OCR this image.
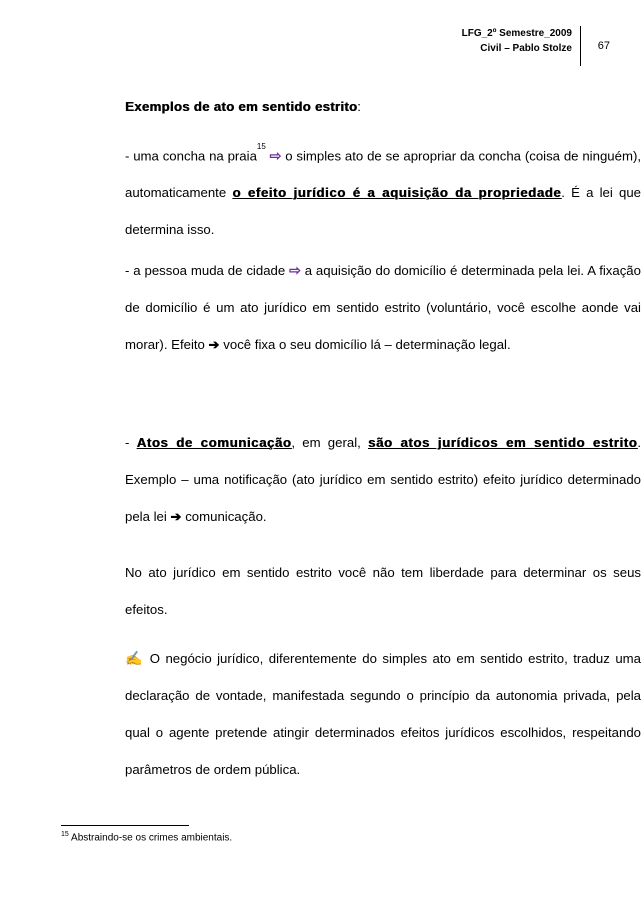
LFG_2º Semestre_2009
Civil – Pablo Stolze 67
Exemplos de ato em sentido estrito:
- uma concha na praia$^{15}$ ⇨ o simples ato de se apropriar da concha (coisa de ninguém), automaticamente o efeito jurídico é a aquisição da propriedade. É a lei que determina isso.
- a pessoa muda de cidade ⇨ a aquisição do domicílio é determinada pela lei. A fixação de domicílio é um ato jurídico em sentido estrito (voluntário, você escolhe aonde vai morar). Efeito ➔ você fixa o seu domicílio lá – determinação legal.
- Atos de comunicação, em geral, são atos jurídicos em sentido estrito. Exemplo – uma notificação (ato jurídico em sentido estrito) efeito jurídico determinado pela lei ➔ comunicação.
No ato jurídico em sentido estrito você não tem liberdade para determinar os seus efeitos.
✍ O negócio jurídico, diferentemente do simples ato em sentido estrito, traduz uma declaração de vontade, manifestada segundo o princípio da autonomia privada, pela qual o agente pretende atingir determinados efeitos jurídicos escolhidos, respeitando parâmetros de ordem pública.
$^{15}$ Abstraindo-se os crimes ambientais.
